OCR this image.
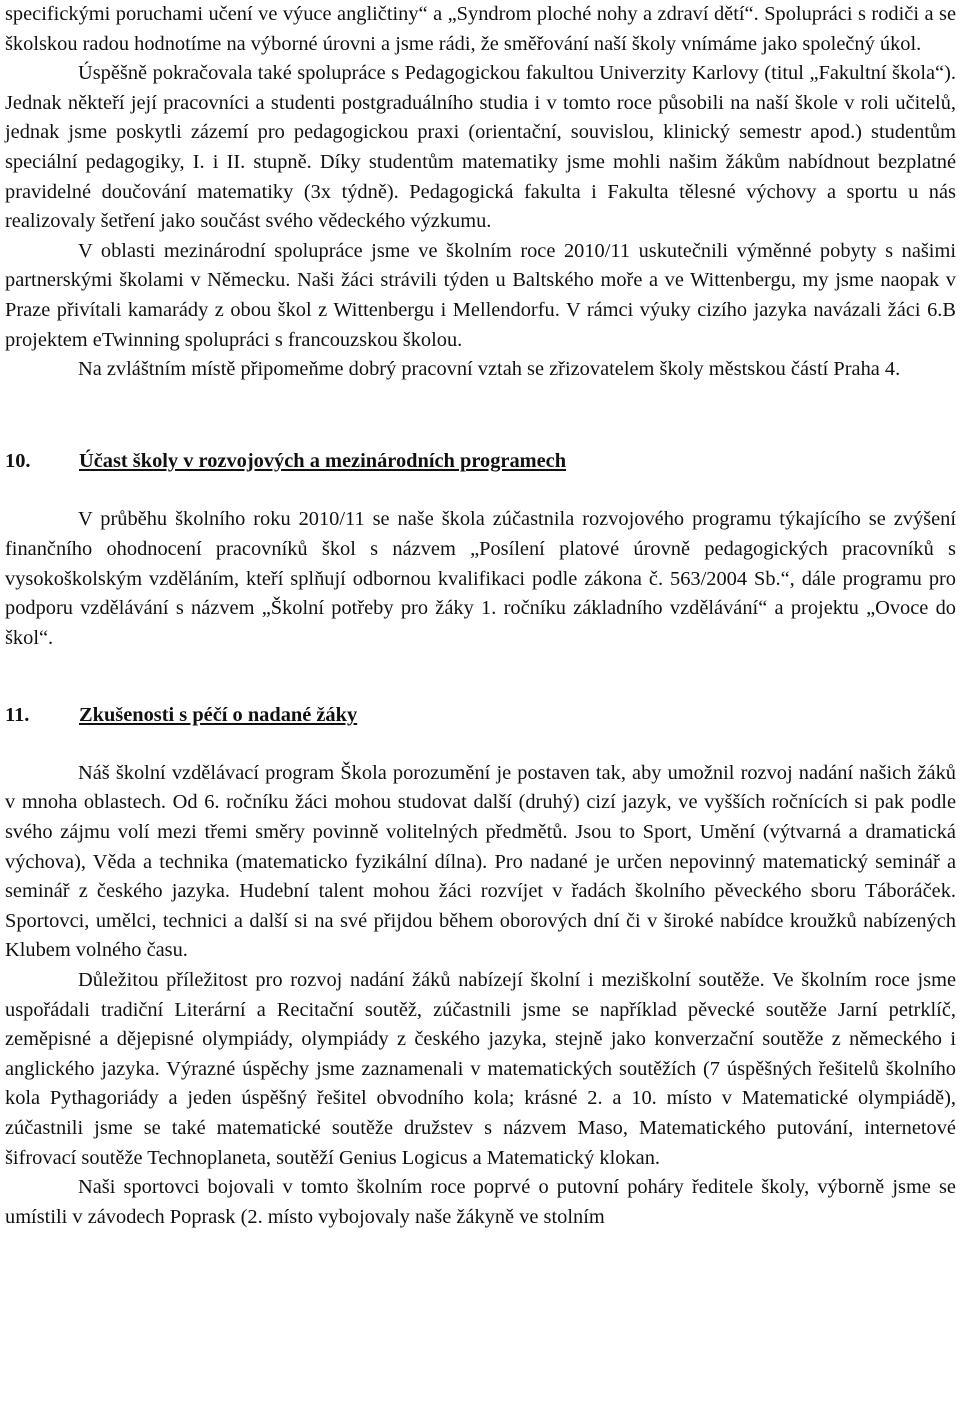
specifickými poruchami učení ve výuce angličtiny“ a „Syndrom ploché nohy a zdraví dětí“. Spolupráci s rodiči a se školskou radou hodnotíme na výborné úrovni a jsme rádi, že směřování naší školy vnímáme jako společný úkol.

Úspěšně pokračovala také spolupráce s Pedagogickou fakultou Univerzity Karlovy (titul „Fakultní škola“). Jednak někteří její pracovníci a studenti postgraduálního studia i v tomto roce působili na naší škole v roli učitelů, jednak jsme poskytli zázemí pro pedagogickou praxi (orientační, souvislou, klinický semestr apod.) studentům speciální pedagogiky, I. i II. stupně. Díky studentům matematiky jsme mohli našim žákům nabídnout bezplatné pravidelné doučování matematiky (3x týdně). Pedagogická fakulta i Fakulta tělesné výchovy a sportu u nás realizovaly šetření jako součást svého vědeckého výzkumu.

V oblasti mezinárodní spolupráce jsme ve školním roce 2010/11 uskutečnili výměnné pobyty s našimi partnerskými školami v Německu. Naši žáci strávili týden u Baltského moře a ve Wittenbergu, my jsme naopak v Praze přivítali kamarády z obou škol z Wittenbergu i Mellendorfu. V rámci výuky cizího jazyka navázali žáci 6.B projektem eTwinning spolupráci s francouzskou školou.

Na zvláštním místě připomeňme dobrý pracovní vztah se zřizovatelem školy městskou částí Praha 4.

10.	Účast školy v rozvojových a mezinárodních programech

V průběhu školního roku 2010/11 se naše škola zúčastnila rozvojového programu týkajícího se zvýšení finančního ohodnocení pracovníků škol s názvem „Posílení platové úrovně pedagogických pracovníků s vysokoškolským vzděláním, kteří splňují odbornou kvalifikaci podle zákona č. 563/2004 Sb.“, dále programu pro podporu vzdělávání s názvem „Školní potřeby pro žáky 1. ročníku základního vzdělávání“ a projektu „Ovoce do škol“.

11.	Zkušenosti s péčí o nadané žáky

Náš školní vzdělávací program Škola porozumění je postaven tak, aby umožnil rozvoj nadání našich žáků v mnoha oblastech. Od 6. ročníku žáci mohou studovat další (druhý) cizí jazyk, ve vyšších ročnících si pak podle svého zájmu volí mezi třemi směry povinně volitelných předmětů. Jsou to Sport, Umění (výtvarná a dramatická výchova), Věda a technika (matematicko fyzikální dílna). Pro nadané je určen nepovinný matematický seminář a seminář z českého jazyka. Hudební talent mohou žáci rozvíjet v řadách školního pěveckého sboru Táboráček. Sportovci, umělci, technici a další si na své přijdou během oborových dní či v široké nabídce kroužků nabízených Klubem volného času.

Důležitou příležitost pro rozvoj nadání žáků nabízejí školní i meziškolní soutěže. Ve školním roce jsme uspořádali tradiční Literární a Recitační soutěž, zúčastnili jsme se například pěvecké soutěže Jarní petrklíč, zeměpisné a dějepisné olympiády, olympiády z českého jazyka, stejně jako konverzační soutěže z německého i anglického jazyka. Výrazné úspěchy jsme zaznamenali v matematických soutěžích (7 úspěšných řešitelů školního kola Pythagoriády a jeden úspěšný řešitel obvodního kola; krásné 2. a 10. místo v Matematické olympiádě), zúčastnili jsme se také matematické soutěže družstev s názvem Maso, Matematického putování, internetové šifrovací soutěže Technoplaneta, soutěží Genius Logicus a Matematický klokan.

Naši sportovci bojovali v tomto školním roce poprvé o putovní poháry ředitele školy, výborně jsme se umístili v závodech Poprask (2. místo vybojovaly naše žákyně ve stolním
